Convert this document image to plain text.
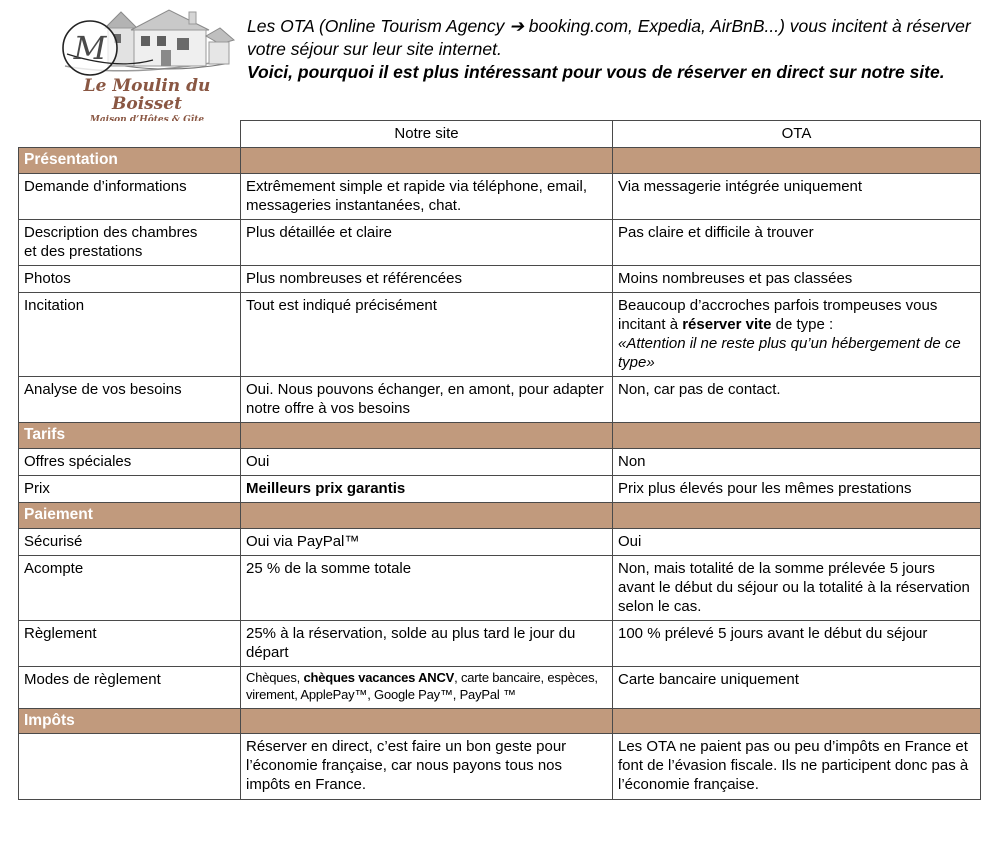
M
Le Moulin du Boisset

Les OTA (Online Tourism Agency ➔ booking.com, Expedia, AirBnB...) vous incitent à réserver votre séjour sur leur site internet.

Voici, pourquoi il est plus intéressant pour vous de réserver en direct sur notre site.

	Notre site	OTA
Présentation		
Demande d’informations	Extrêmement simple et rapide via téléphone, email, messageries instantanées, chat.	Via messagerie intégrée uniquement
Description des chambres et des prestations	Plus détaillée et claire	Pas claire et difficile à trouver
Photos	Plus nombreuses et référencées	Moins nombreuses et pas classées
Incitation	Tout est indiqué précisément	Beaucoup d’accroches parfois trompeuses vous incitant à réserver vite de type :
«Attention il ne reste plus qu’un hébergement de ce type»
Analyse de vos besoins	Oui. Nous pouvons échanger, en amont, pour adapter notre offre à vos besoins	Non, car pas de contact.
Tarifs		
Offres spéciales	Oui	Non
Prix	Meilleurs prix garantis	Prix plus élevés pour les mêmes prestations
Paiement		
Sécurisé	Oui via PayPal™	Oui
Acompte	25 % de la somme totale	Non, mais totalité de la somme prélevée 5 jours avant le début du séjour ou la totalité à la réservation selon le cas.
Règlement	25% à la réservation, solde au plus tard le jour du départ	100 % prélevé 5 jours avant le début du séjour
Modes de règlement	Chèques, chèques vacances ANCV, carte bancaire, espèces, virement, ApplePay™, Google Pay™, PayPal ™	Carte bancaire uniquement
Impôts		
	Réserver en direct, c’est faire un bon geste pour l’économie française, car nous payons tous nos impôts en France.	Les OTA ne paient pas ou peu d’impôts en France et font de l’évasion fiscale. Ils ne participent donc pas à l’économie française.
